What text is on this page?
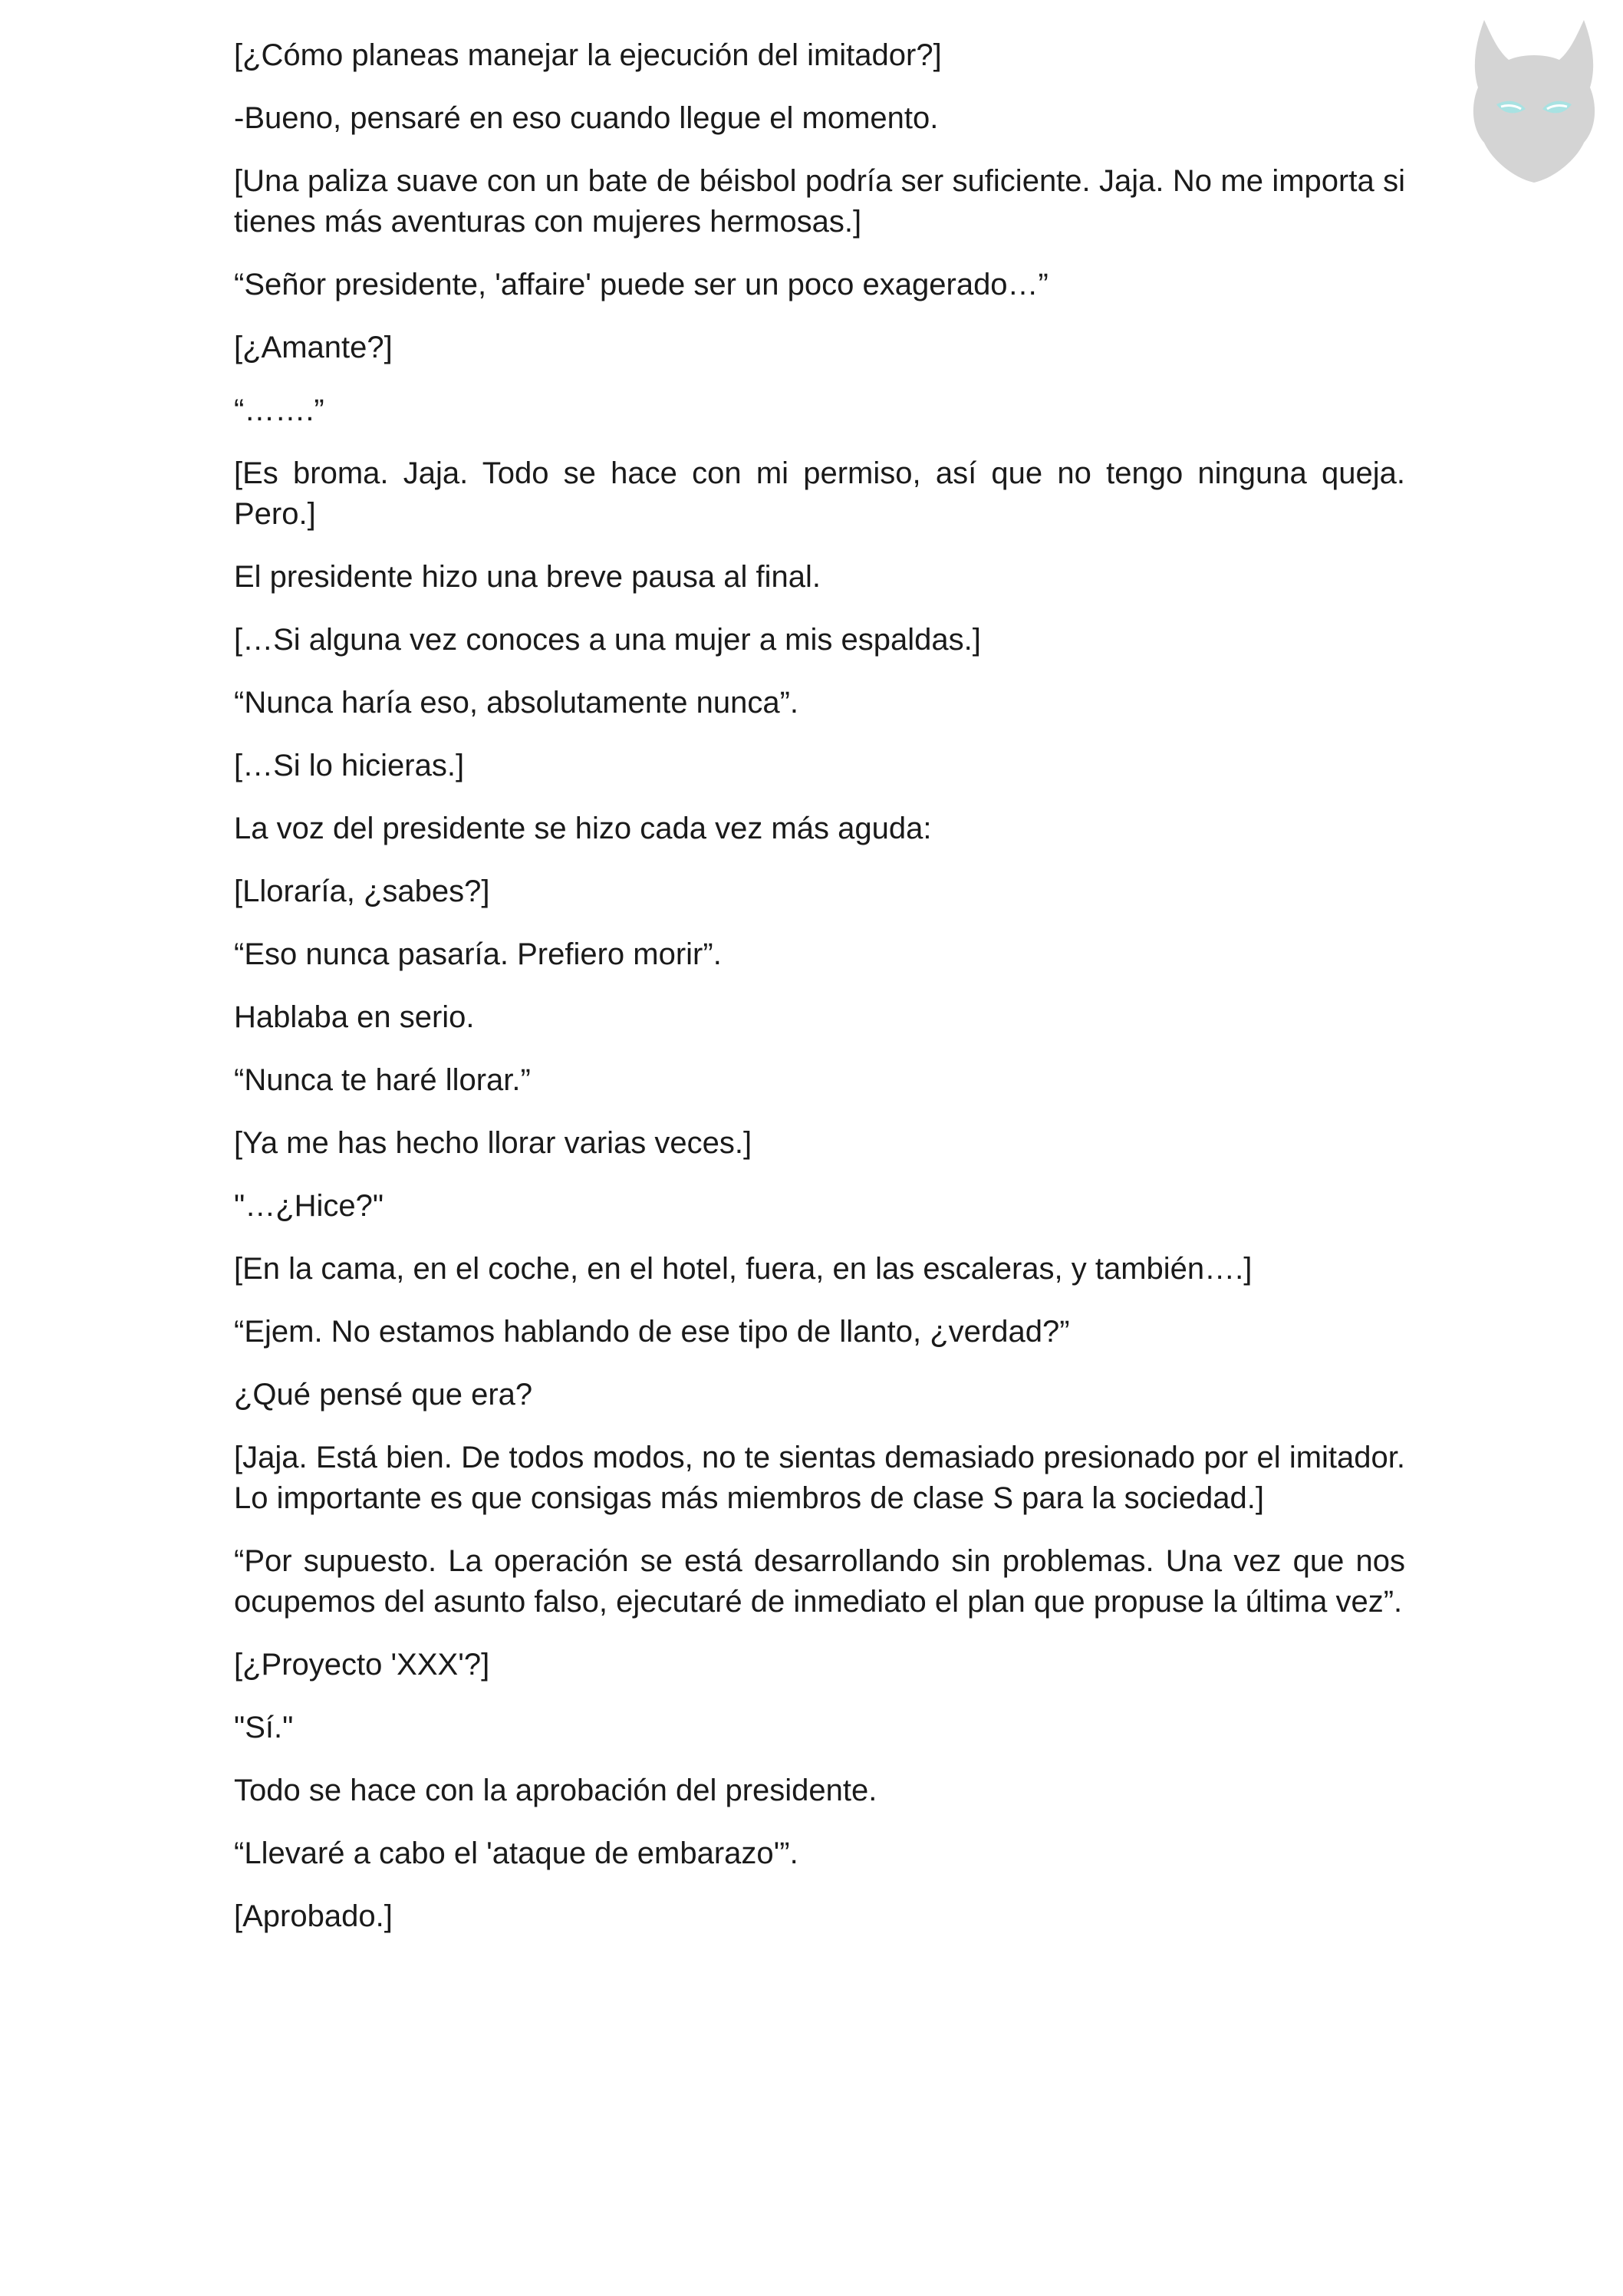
[¿Cómo planeas manejar la ejecución del imitador?]

-Bueno, pensaré en eso cuando llegue el momento.

[Una paliza suave con un bate de béisbol podría ser suficiente. Jaja. No me importa si tienes más aventuras con mujeres hermosas.]

“Señor presidente, 'affaire' puede ser un poco exagerado…”

[¿Amante?]

“…….”

[Es broma. Jaja. Todo se hace con mi permiso, así que no tengo ninguna queja. Pero.]

El presidente hizo una breve pausa al final.

[…Si alguna vez conoces a una mujer a mis espaldas.]

“Nunca haría eso, absolutamente nunca”.

[…Si lo hicieras.]

La voz del presidente se hizo cada vez más aguda:

[Lloraría, ¿sabes?]

“Eso nunca pasaría. Prefiero morir”.

Hablaba en serio.

“Nunca te haré llorar.”

[Ya me has hecho llorar varias veces.]

"…¿Hice?"

[En la cama, en el coche, en el hotel, fuera, en las escaleras, y también….]

“Ejem. No estamos hablando de ese tipo de llanto, ¿verdad?”

¿Qué pensé que era?

[Jaja. Está bien. De todos modos, no te sientas demasiado presionado por el imitador. Lo importante es que consigas más miembros de clase S para la sociedad.]

“Por supuesto. La operación se está desarrollando sin problemas. Una vez que nos ocupemos del asunto falso, ejecutaré de inmediato el plan que propuse la última vez”.

[¿Proyecto 'XXX'?]

"Sí."

Todo se hace con la aprobación del presidente.

“Llevaré a cabo el 'ataque de embarazo'”.

[Aprobado.]
